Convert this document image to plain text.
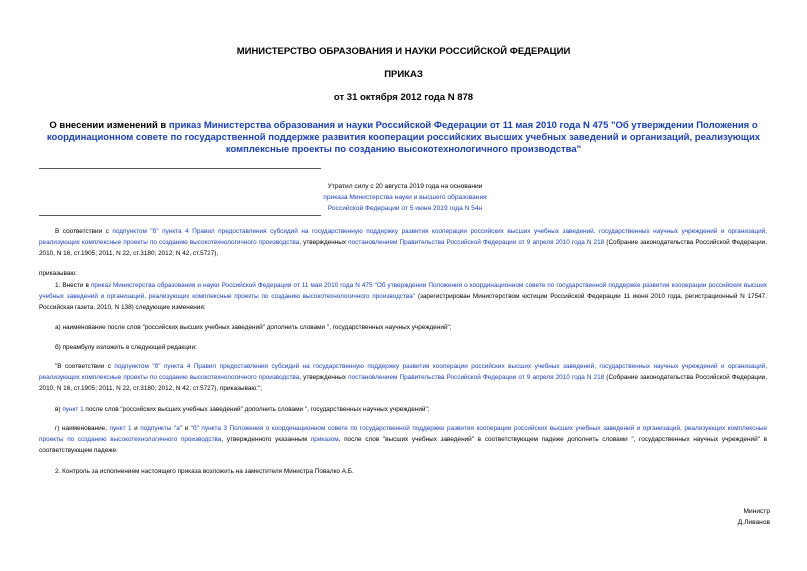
МИНИСТЕРСТВО ОБРАЗОВАНИЯ И НАУКИ РОССИЙСКОЙ ФЕДЕРАЦИИ
ПРИКАЗ
от 31 октября 2012 года N 878
О внесении изменений в приказ Министерства образования и науки Российской Федерации от 11 мая 2010 года N 475 "Об утверждении Положения о координационном совете по государственной поддержке развития кооперации российских высших учебных заведений и организаций, реализующих комплексные проекты по созданию высокотехнологичного производства"
Утратил силу с 20 августа 2019 года на основании
приказа Министерства науки и высшего образования
Российской Федерации от 5 июня 2019 года N 54н
В соответствии с подпунктом "б" пункта 4 Правил предоставления субсидий на государственную поддержку развития кооперации российских высших учебных заведений, государственных научных учреждений и организаций, реализующих комплексные проекты по созданию высокотехнологичного производства, утвержденных постановлением Правительства Российской Федерации от 9 апреля 2010 года N 218 (Собрание законодательства Российской Федерации, 2010, N 16, ст.1905; 2011, N 22, ст.3180; 2012, N 42, ст.5727),
приказываю:
1. Внести в приказ Министерства образования и науки Российской Федерации от 11 мая 2010 года N 475 "Об утверждении Положения о координационном совете по государственной поддержке развития кооперации российских высших учебных заведений и организаций, реализующих комплексные проекты по созданию высокотехнологичного производства" (зарегистрирован Министерством юстиции Российской Федерации 11 июня 2010 года, регистрационный N 17547. Российская газета, 2010, N 138) следующие изменения:
а) наименование после слов "российских высших учебных заведений" дополнить словами ", государственных научных учреждений";
б) преамбулу изложить в следующей редакции:
"В соответствии с подпунктом "б" пункта 4 Правил предоставления субсидий на государственную поддержку развития кооперации российских высших учебных заведений, государственных научных учреждений и организаций, реализующих комплексные проекты по созданию высокотехнологичного производства, утвержденных постановлением Правительства Российской Федерации от 9 апреля 2010 года N 218 (Собрание законодательства Российской Федерации, 2010, N 16, ст.1905; 2011, N 22, ст.3180; 2012, N 42, ст.5727), приказываю:";
в) пункт 1 после слов "российских высших учебных заведений" дополнить словами ", государственных научных учреждений";
г) наименование, пункт 1 и подпункты "а" и "б" пункта 3 Положения о координационном совете по государственной поддержке развития кооперации российских высших учебных заведений и организаций, реализующих комплексные проекты по созданию высокотехнологичного производства, утвержденного указанным приказом, после слов "высших учебных заведений" в соответствующем падеже дополнить словами ", государственных научных учреждений" в соответствующем падеже.
2. Контроль за исполнением настоящего приказа возложить на заместителя Министра Повалко А.Б.
Министр
Д.Ливанов
